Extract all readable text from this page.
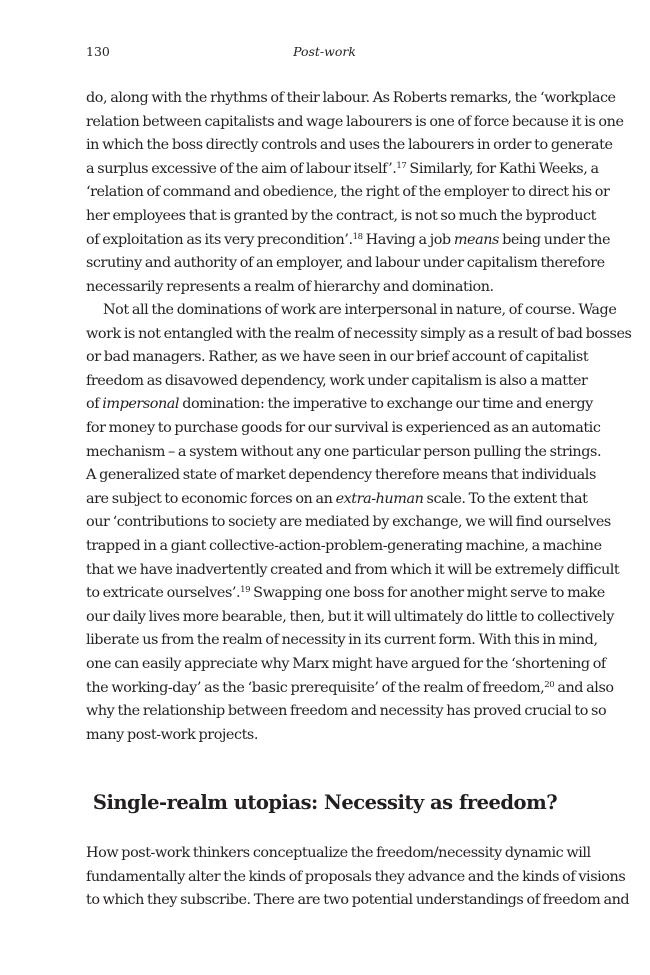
130	Post-work
do, along with the rhythms of their labour. As Roberts remarks, the ‘workplace
relation between capitalists and wage labourers is one of force because it is one
in which the boss directly controls and uses the labourers in order to generate
a surplus excessive of the aim of labour itself’.$^{17}$ Similarly, for Kathi Weeks, a
‘relation of command and obedience, the right of the employer to direct his or
her employees that is granted by the contract, is not so much the byproduct
of exploitation as its very precondition’.$^{18}$ Having a job means being under the
scrutiny and authority of an employer, and labour under capitalism therefore
necessarily represents a realm of hierarchy and domination.
Not all the dominations of work are interpersonal in nature, of course. Wage
work is not entangled with the realm of necessity simply as a result of bad bosses
or bad managers. Rather, as we have seen in our brief account of capitalist
freedom as disavowed dependency, work under capitalism is also a matter
of impersonal domination: the imperative to exchange our time and energy
for money to purchase goods for our survival is experienced as an automatic
mechanism – a system without any one particular person pulling the strings.
A generalized state of market dependency therefore means that individuals
are subject to economic forces on an extra-human scale. To the extent that
our ‘contributions to society are mediated by exchange, we will find ourselves
trapped in a giant collective-action-problem-generating machine, a machine
that we have inadvertently created and from which it will be extremely difficult
to extricate ourselves’.$^{19}$ Swapping one boss for another might serve to make
our daily lives more bearable, then, but it will ultimately do little to collectively
liberate us from the realm of necessity in its current form. With this in mind,
one can easily appreciate why Marx might have argued for the ‘shortening of
the working-day’ as the ‘basic prerequisite’ of the realm of freedom,$^{20}$ and also
why the relationship between freedom and necessity has proved crucial to so
many post-work projects.
Single-realm utopias: Necessity as freedom?
How post-work thinkers conceptualize the freedom/necessity dynamic will
fundamentally alter the kinds of proposals they advance and the kinds of visions
to which they subscribe. There are two potential understandings of freedom and
